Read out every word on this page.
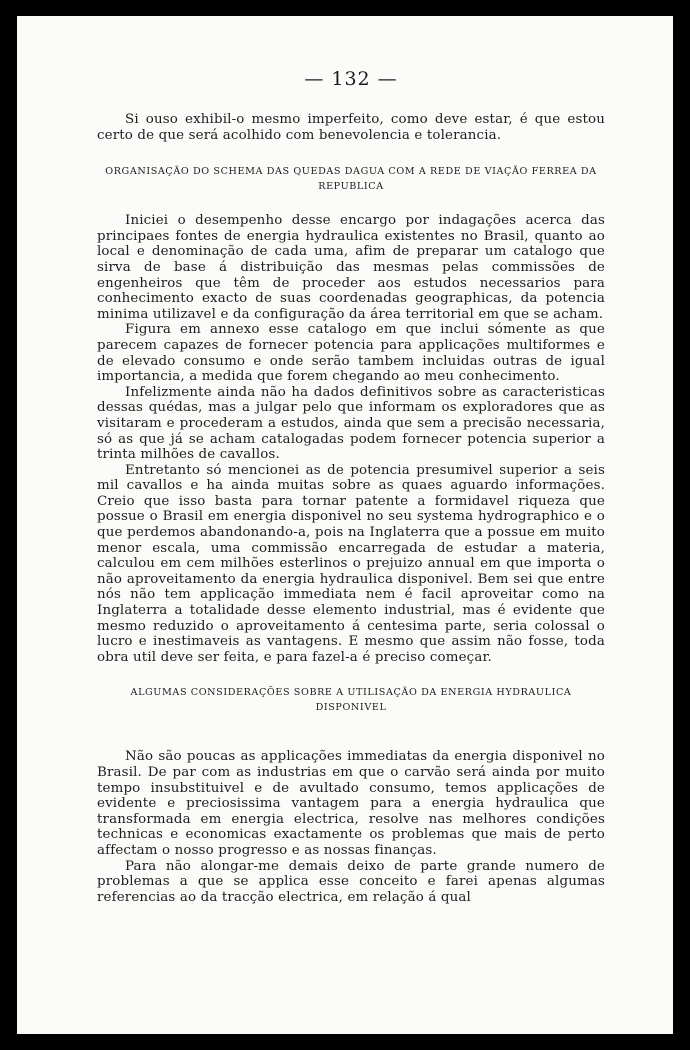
— 132 —

Si ouso exhibil-o mesmo imperfeito, como deve estar, é que estou certo de que será acolhido com benevolencia e tolerancia.

ORGANISAÇÃO DO SCHEMA DAS QUEDAS DAGUA COM A REDE DE VIAÇÃO FERREA DA REPUBLICA

Iniciei o desempenho desse encargo por indagações acerca das principaes fontes de energia hydraulica existentes no Brasil, quanto ao local e denominação de cada uma, afim de preparar um catalogo que sirva de base á distribuição das mesmas pelas commissões de engenheiros que têm de proceder aos estudos necessarios para conhecimento exacto de suas coordenadas geographicas, da potencia minima utilizavel e da configuração da área territorial em que se acham.

Figura em annexo esse catalogo em que inclui sómente as que parecem capazes de fornecer potencia para applicações multiformes e de elevado consumo e onde serão tambem incluidas outras de igual importancia, a medida que forem chegando ao meu conhecimento.

Infelizmente ainda não ha dados definitivos sobre as caracteristicas dessas quédas, mas a julgar pelo que informam os exploradores que as visitaram e procederam a estudos, ainda que sem a precisão necessaria, só as que já se acham catalogadas podem fornecer potencia superior a trinta milhões de cavallos.

Entretanto só mencionei as de potencia presumivel superior a seis mil cavallos e ha ainda muitas sobre as quaes aguardo informações. Creio que isso basta para tornar patente a formidavel riqueza que possue o Brasil em energia disponivel no seu systema hydrographico e o que perdemos abandonando-a, pois na Inglaterra que a possue em muito menor escala, uma commissão encarregada de estudar a materia, calculou em cem milhões esterlinos o prejuizo annual em que importa o não aproveitamento da energia hydraulica disponivel. Bem sei que entre nós não tem applicação immediata nem é facil aproveitar como na Inglaterra a totalidade desse elemento industrial, mas é evidente que mesmo reduzido o aproveitamento á centesima parte, seria colossal o lucro e inestimaveis as vantagens. E mesmo que assim não fosse, toda obra util deve ser feita, e para fazel-a é preciso começar.

ALGUMAS CONSIDERAÇÕES SOBRE A UTILISAÇÃO DA ENERGIA HYDRAULICA DISPONIVEL

Não são poucas as applicações immediatas da energia disponivel no Brasil. De par com as industrias em que o carvão será ainda por muito tempo insubstituivel e de avultado consumo, temos applicações de evidente e preciosissima vantagem para a energia hydraulica que transformada em energia electrica, resolve nas melhores condições technicas e economicas exactamente os problemas que mais de perto affectam o nosso progresso e as nossas finanças.

Para não alongar-me demais deixo de parte grande numero de problemas a que se applica esse conceito e farei apenas algumas referencias ao da tracção electrica, em relação á qual
